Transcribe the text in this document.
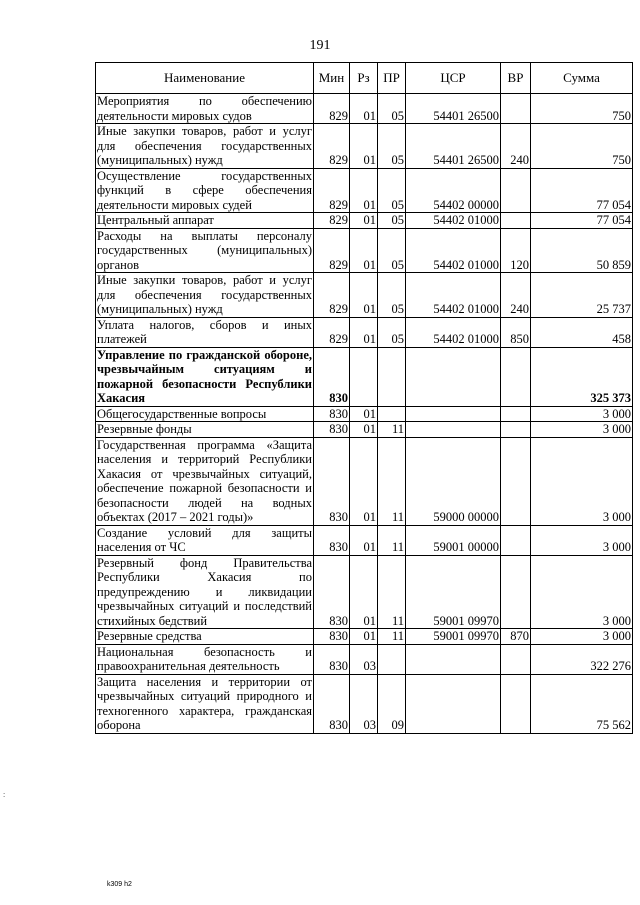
191
Наименование	Мин	Рз	ПР	ЦСР	ВР	Сумма
Мероприятия по обеспечению деятельности мировых судов	829	01	05	54401 26500		750
Иные закупки товаров, работ и услуг для обеспечения государственных (муниципальных) нужд	829	01	05	54401 26500	240	750
Осуществление государственных функций в сфере обеспечения деятельности мировых судей	829	01	05	54402 00000		77 054
Центральный аппарат	829	01	05	54402 01000		77 054
Расходы на выплаты персоналу государственных (муниципальных) органов	829	01	05	54402 01000	120	50 859
Иные закупки товаров, работ и услуг для обеспечения государственных (муниципальных) нужд	829	01	05	54402 01000	240	25 737
Уплата налогов, сборов и иных платежей	829	01	05	54402 01000	850	458
Управление по гражданской обороне, чрезвычайным ситуациям и пожарной безопасности Республики Хакасия	830					325 373
Общегосударственные вопросы	830	01				3 000
Резервные фонды	830	01	11			3 000
Государственная программа «Защита населения и территорий Республики Хакасия от чрезвычайных ситуаций, обеспечение пожарной безопасности и безопасности людей на водных объектах (2017 – 2021 годы)»	830	01	11	59000 00000		3 000
Создание условий для защиты населения от ЧС	830	01	11	59001 00000		3 000
Резервный фонд Правительства Республики Хакасия по предупреждению и ликвидации чрезвычайных ситуаций и последствий стихийных бедствий	830	01	11	59001 09970		3 000
Резервные средства	830	01	11	59001 09970	870	3 000
Национальная безопасность и правоохранительная деятельность	830	03				322 276
Защита населения и территории от чрезвычайных ситуаций природного и техногенного характера, гражданская оборона	830	03	09			75 562
k309 h2
:
